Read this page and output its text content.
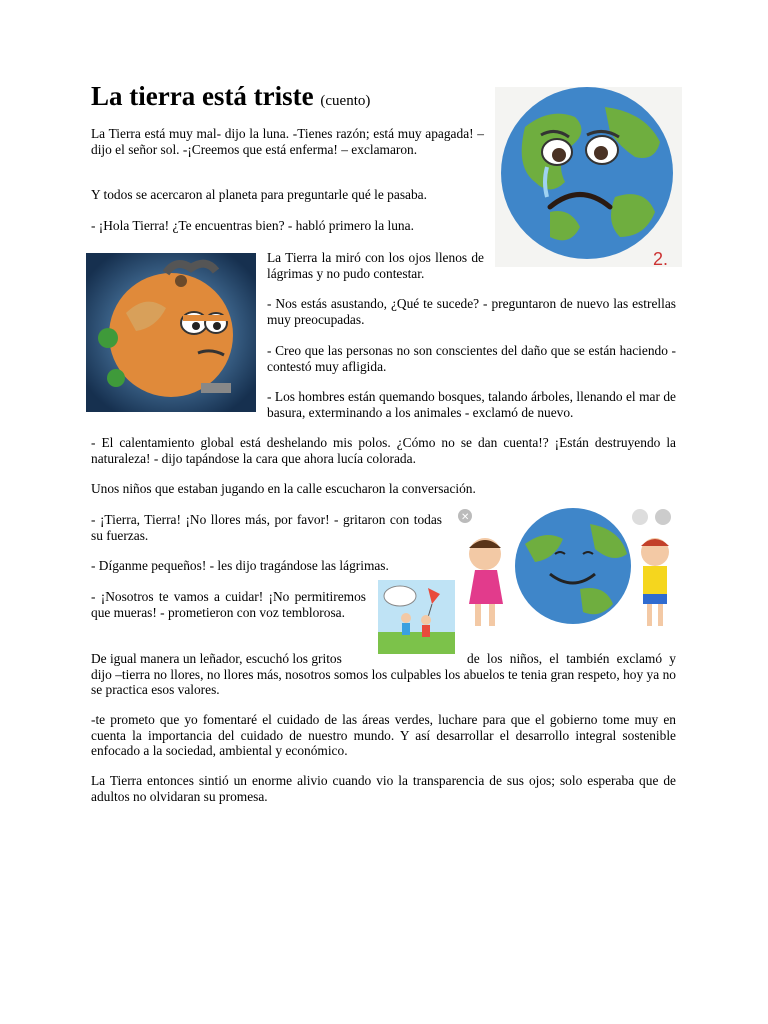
La tierra está triste (cuento)
2.

La Tierra está muy mal- dijo la luna. -Tienes razón; está muy apagada! – dijo el señor sol. -¡Creemos que está enferma! – exclamaron.

Y todos se acercaron al planeta para preguntarle qué le pasaba.

- ¡Hola Tierra! ¿Te encuentras bien? - habló primero la luna.

La Tierra la miró con los ojos llenos de lágrimas y no pudo contestar.

- Nos estás asustando, ¿Qué te sucede? - preguntaron de nuevo las estrellas muy preocupadas.

- Creo que las personas no son conscientes del daño que se están haciendo - contestó muy afligida.

- Los hombres están quemando bosques, talando árboles, llenando el mar de basura, exterminando a los animales - exclamó de nuevo.

- El calentamiento global está deshelando mis polos. ¿Cómo no se dan cuenta!? ¡Están destruyendo la naturaleza! - dijo tapándose la cara que ahora lucía colorada.

Unos niños que estaban jugando en la calle escucharon la conversación.

- ¡Tierra, Tierra! ¡No llores más, por favor! - gritaron con todas su fuerzas.

- Díganme pequeños! - les dijo tragándose las lágrimas.

- ¡Nosotros te vamos a cuidar! ¡No permitiremos que mueras! - prometieron con voz temblorosa.

✕

De igual manera un leñador, escuchó los gritos	de los niños, el también exclamó y dijo –tierra no llores, no llores más, nosotros somos los culpables los abuelos te tenia gran respeto, hoy ya no se practica esos valores.

-te prometo que yo fomentaré el cuidado de las áreas verdes, luchare para que el gobierno tome muy en cuenta la importancia del cuidado de nuestro mundo. Y así desarrollar el desarrollo integral sostenible enfocado a la sociedad, ambiental y económico.

La Tierra entonces sintió un enorme alivio cuando vio la transparencia de sus ojos; solo esperaba que de adultos no olvidaran su promesa.
